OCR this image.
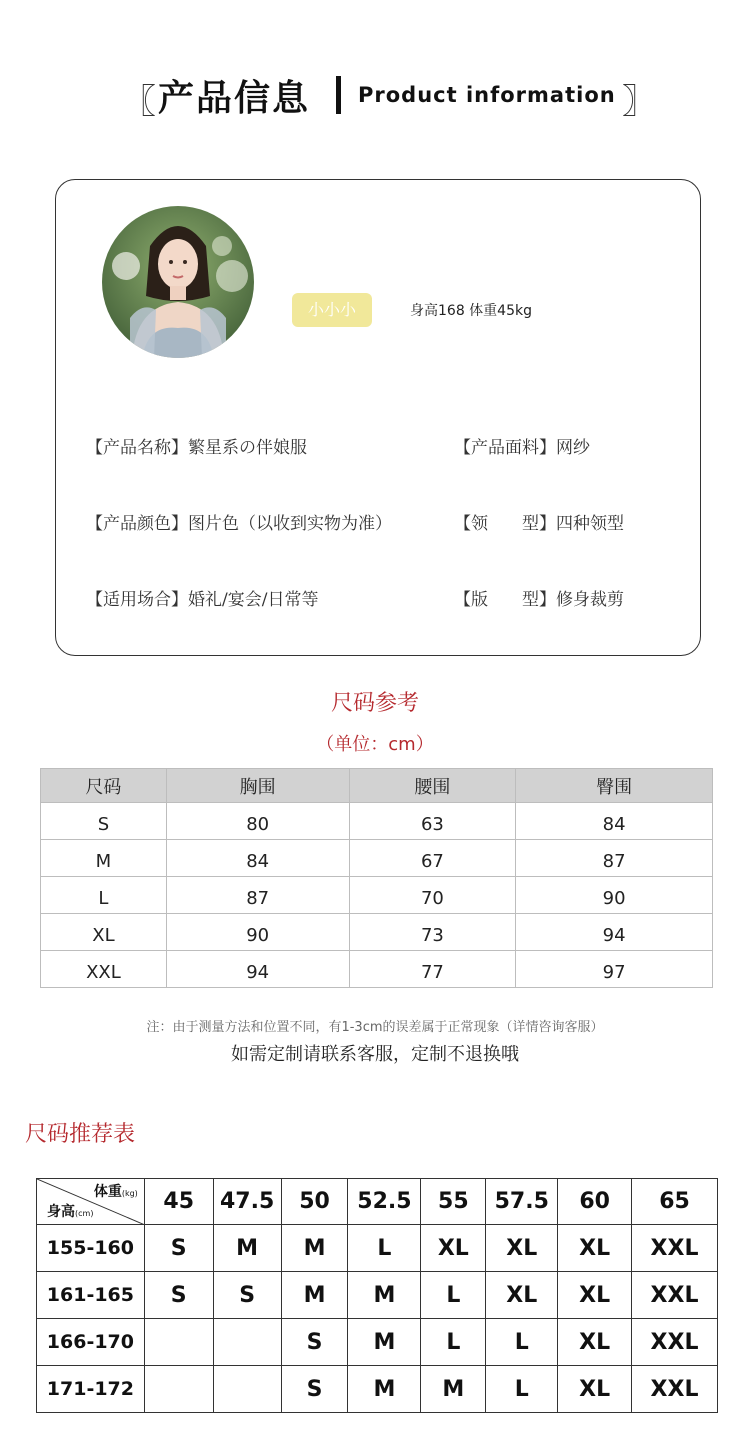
〖 产品信息 Product information 〗
小小小	身高168 体重45kg
【产品名称】繁星系の伴娘服	【产品面料】网纱
【产品颜色】图片色（以收到实物为准）	【领　　型】四种领型
【适用场合】婚礼/宴会/日常等	【版　　型】修身裁剪
尺码参考
（单位：cm）
尺码	胸围	腰围	臀围
S	80	63	84
M	84	67	87
L	87	70	90
XL	90	73	94
XXL	94	77	97
注：由于测量方法和位置不同，有1-3cm的误差属于正常现象（详情咨询客服）
如需定制请联系客服，定制不退换哦
尺码推荐表
体重(kg)
身高(cm)	45	47.5	50	52.5	55	57.5	60	65
155-160	S	M	M	L	XL	XL	XL	XXL
161-165	S	S	M	M	L	XL	XL	XXL
166-170			S	M	L	L	XL	XXL
171-172			S	M	M	L	XL	XXL
